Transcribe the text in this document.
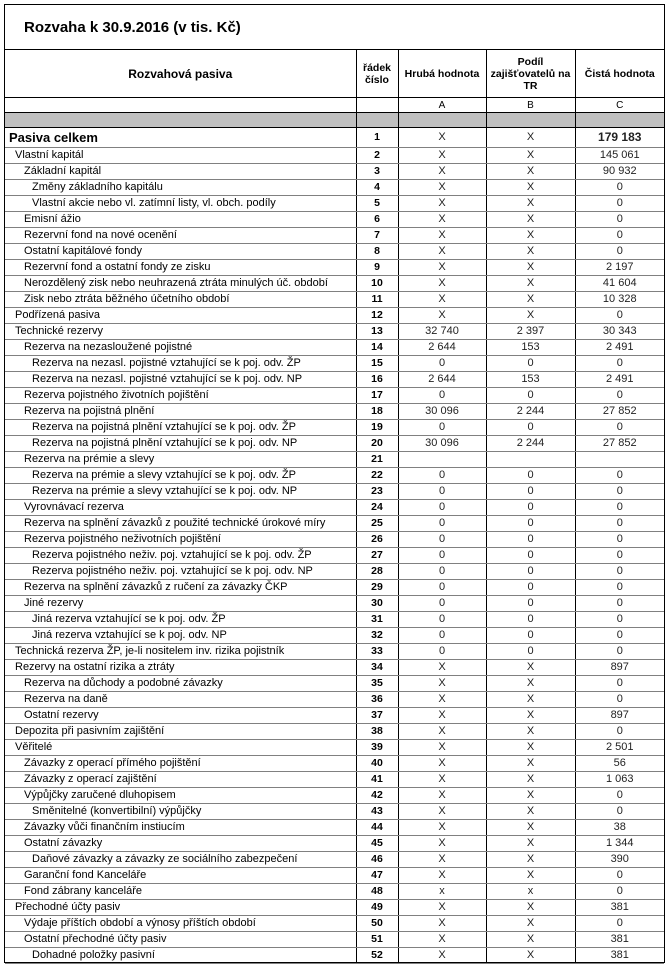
Rozvaha k 30.9.2016 (v tis. Kč)
Rozvahová pasiva	řádek číslo	Hrubá hodnota	Podíl zajišťovatelů na TR	Čistá hodnota
		A	B	C

Pasiva celkem	1	X	X	179 183
Vlastní kapitál	2	X	X	145 061
Základní kapitál	3	X	X	90 932
Změny základního kapitálu	4	X	X	0
Vlastní akcie nebo vl. zatímní listy, vl. obch. podíly	5	X	X	0
Emisní ážio	6	X	X	0
Rezervní fond na nové ocenění	7	X	X	0
Ostatní kapitálové fondy	8	X	X	0
Rezervní fond a ostatní fondy ze zisku	9	X	X	2 197
Nerozdělený zisk nebo neuhrazená ztráta minulých úč. období	10	X	X	41 604
Zisk nebo ztráta běžného účetního období	11	X	X	10 328
Podřízená pasiva	12	X	X	0
Technické rezervy	13	32 740	2 397	30 343
Rezerva na nezasloužené pojistné	14	2 644	153	2 491
Rezerva na nezasl. pojistné vztahující se k poj. odv. ŽP	15	0	0	0
Rezerva na nezasl. pojistné vztahující se k poj. odv. NP	16	2 644	153	2 491
Rezerva pojistného životních pojištění	17	0	0	0
Rezerva na pojistná plnění	18	30 096	2 244	27 852
Rezerva na pojistná plnění vztahující se k poj. odv. ŽP	19	0	0	0
Rezerva na pojistná plnění vztahující se k poj. odv. NP	20	30 096	2 244	27 852
Rezerva na prémie a slevy	21			
Rezerva na prémie a slevy vztahující se k poj. odv. ŽP	22	0	0	0
Rezerva na prémie a slevy vztahující se k poj. odv. NP	23	0	0	0
Vyrovnávací rezerva	24	0	0	0
Rezerva na splnění závazků z použité technické úrokové míry	25	0	0	0
Rezerva pojistného neživotních pojištění	26	0	0	0
Rezerva pojistného neživ. poj. vztahující se k poj. odv. ŽP	27	0	0	0
Rezerva pojistného neživ. poj. vztahující se k poj. odv. NP	28	0	0	0
Rezerva na splnění závazků z ručení za závazky ČKP	29	0	0	0
Jiné rezervy	30	0	0	0
Jiná rezerva vztahující se k poj. odv. ŽP	31	0	0	0
Jiná rezerva vztahující se k poj. odv. NP	32	0	0	0
Technická rezerva ŽP, je-li nositelem inv. rizika pojistník	33	0	0	0
Rezervy na ostatní rizika a ztráty	34	X	X	897
Rezerva na důchody a podobné závazky	35	X	X	0
Rezerva na daně	36	X	X	0
Ostatní rezervy	37	X	X	897
Depozita při pasivním zajištění	38	X	X	0
Věřitelé	39	X	X	2 501
Závazky z operací přímého pojištění	40	X	X	56
Závazky z operací zajištění	41	X	X	1 063
Výpůjčky zaručené dluhopisem	42	X	X	0
Směnitelné (konvertibilní) výpůjčky	43	X	X	0
Závazky vůči finančním instiucím	44	X	X	38
Ostatní závazky	45	X	X	1 344
Daňové závazky a závazky ze sociálního zabezpečení	46	X	X	390
Garanční fond Kanceláře	47	X	X	0
Fond zábrany kanceláře	48	x	x	0
Přechodné účty pasiv	49	X	X	381
Výdaje příštích období a výnosy příštích období	50	X	X	0
Ostatní přechodné účty pasiv	51	X	X	381
Dohadné položky pasivní	52	X	X	381
